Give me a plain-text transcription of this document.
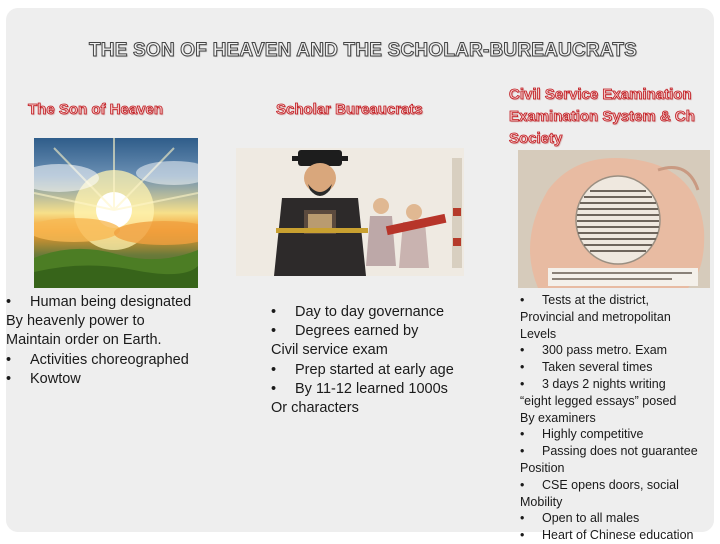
THE SON OF HEAVEN AND THE SCHOLAR-BUREAUCRATS
The Son of Heaven	Scholar Bureaucrats
Civil Service Examination
Examination System & Ch
Society
• Human being designated
By heavenly power to
Maintain order on Earth.
• Activities choreographed
• Kowtow
• Day to day governance
• Degrees earned by
Civil service exam
• Prep started at early age
• By 11-12 learned 1000s
Or characters
• Tests at the district,
Provincial and metropolitan
Levels
• 300 pass metro. Exam
• Taken several times
• 3 days 2 nights writing
“eight legged essays” posed
By examiners
• Highly competitive
• Passing does not guarantee
Position
• CSE opens doors, social
Mobility
• Open to all males
• Heart of Chinese education
